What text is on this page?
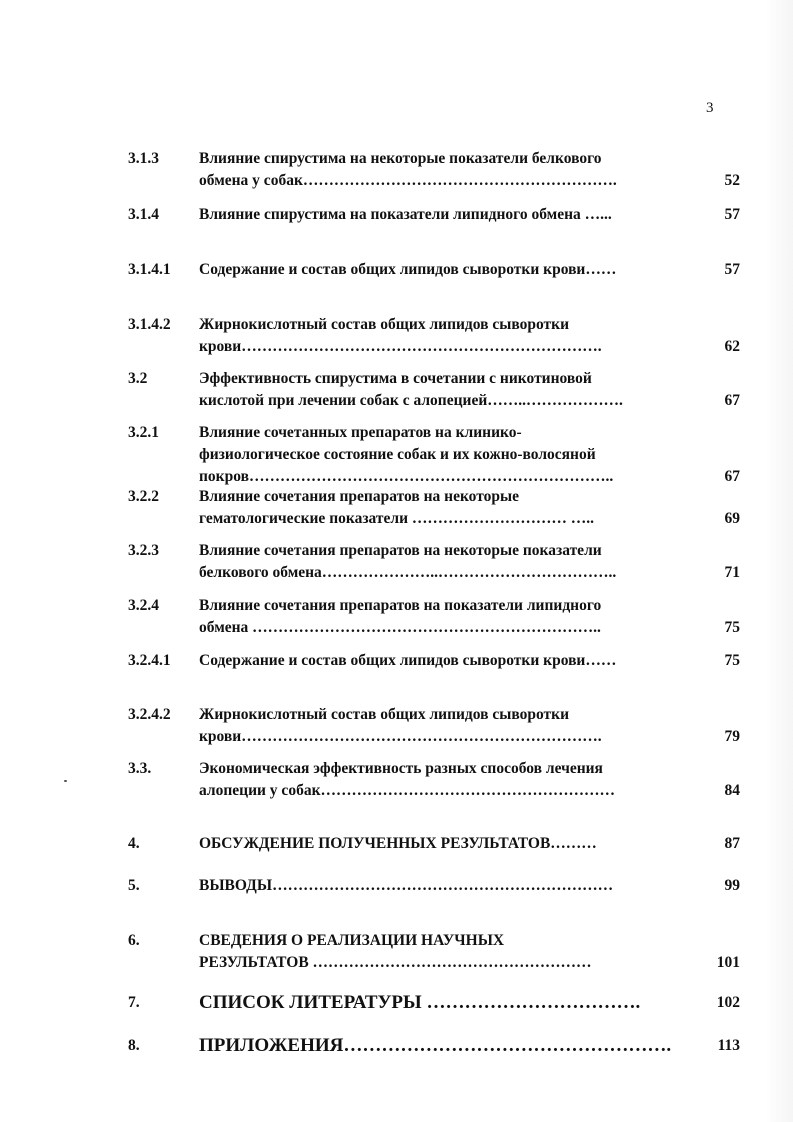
3
3.1.3	Влияние спирустима на некоторые показатели белкового
обмена у собак…………………………………………………….	52
3.1.4	Влияние спирустима на показатели липидного обмена …...	57
3.1.4.1 Содержание и состав общих липидов сыворотки крови……	57
3.1.4.2 Жирнокислотный состав общих липидов сыворотки
крови…………………………………………………………….	62
3.2	Эффективность спирустима в сочетании с никотиновой
кислотой при лечении собак с алопецией……..……………….	67
3.2.1	Влияние сочетанных препаратов на клинико-
физиологическое состояние собак и их кожно-волосяной
покров……………………………………………………………..	67
3.2.2	Влияние сочетания препаратов на некоторые
гематологические показатели ………………………… …..	69
3.2.3	Влияние сочетания препаратов на некоторые показатели
белкового обмена…………………..……………………………..	71
3.2.4	Влияние сочетания препаратов на показатели липидного
обмена …………………………………………………………..	75
3.2.4.1 Содержание и состав общих липидов сыворотки крови……	75
3.2.4.2 Жирнокислотный состав общих липидов сыворотки
крови…………………………………………………………….	79
3.3.	Экономическая эффективность разных способов лечения
алопеции у собак…………………………………………………	84
4.	ОБСУЖДЕНИЕ ПОЛУЧЕННЫХ РЕЗУЛЬТАТОВ………	87
5.	ВЫВОДЫ…………………………………………………………	99
6.	СВЕДЕНИЯ О РЕАЛИЗАЦИИ НАУЧНЫХ
РЕЗУЛЬТАТОВ ………………………………………………	101
7.	СПИСОК ЛИТЕРАТУРЫ …………………………….	102
8.	ПРИЛОЖЕНИЯ…………………………………………….	113
